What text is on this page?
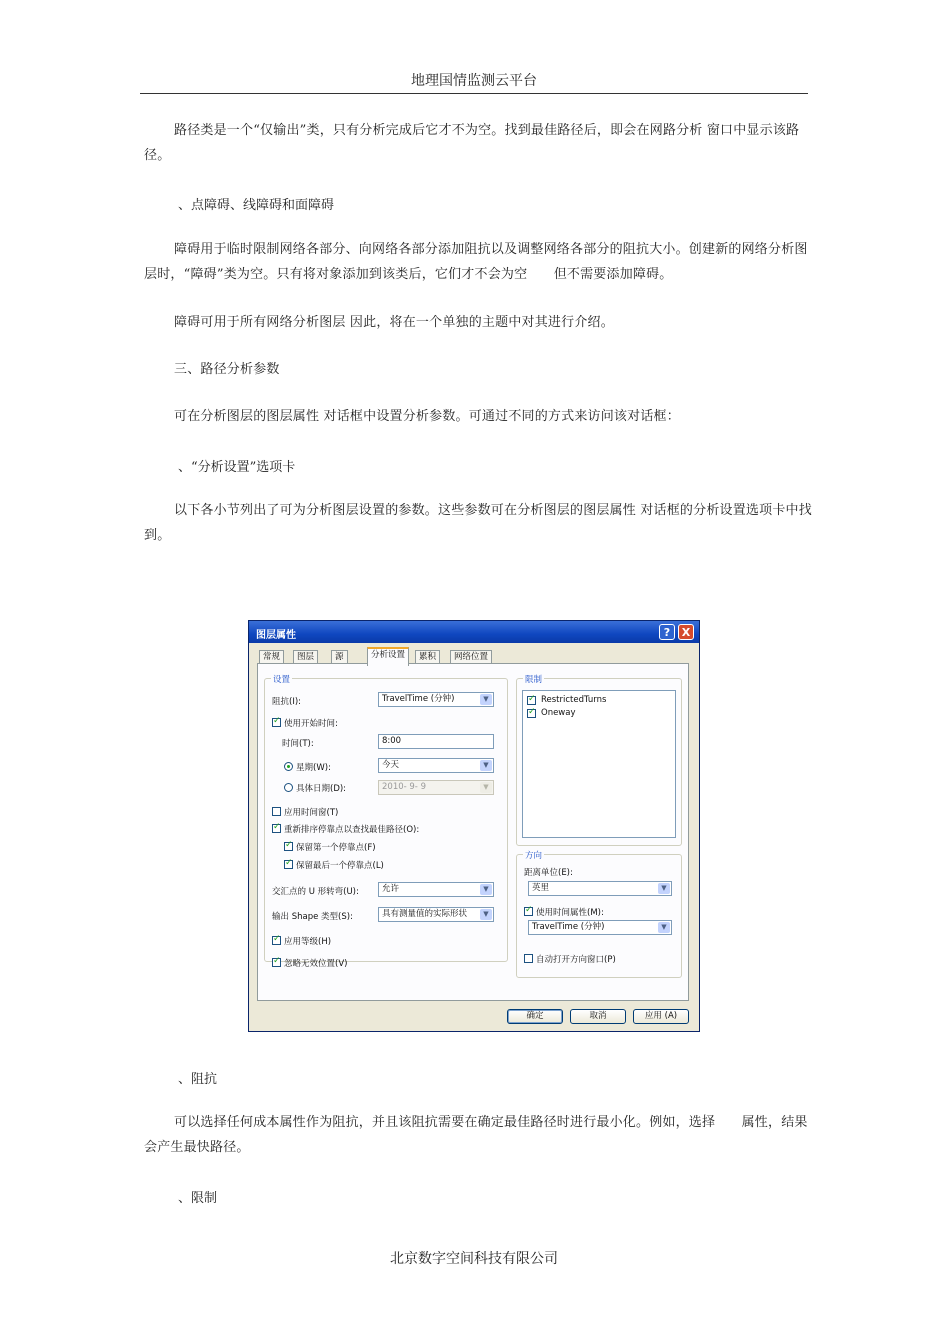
地理国情监测云平台

路径类是一个“仅输出”类，只有分析完成后它才不为空。找到最佳路径后，即会在网路分析 窗口中显示该路径。

、点障碍、线障碍和面障碍

障碍用于临时限制网络各部分、向网络各部分添加阻抗以及调整网络各部分的阻抗大小。创建新的网络分析图层时，“障碍”类为空。只有将对象添加到该类后，它们才不会为空　　但不需要添加障碍。

障碍可用于所有网络分析图层 因此，将在一个单独的主题中对其进行介绍。

三、路径分析参数

可在分析图层的图层属性 对话框中设置分析参数。可通过不同的方式来访问该对话框：

、“分析设置”选项卡

以下各小节列出了可为分析图层设置的参数。这些参数可在分析图层的图层属性 对话框的分析设置选项卡中找到。

图层属性	?	X
常规	图层	源	分析设置	累积	网络位置
设置
阻抗(I):	TravelTime (分钟)	▼
✓
使用开始时间:
时间(T):	8:00
星期(W):	今天	▼
具体日期(D):	2010- 9- 9	▼
应用时间窗(T)
✓
重新排序停靠点以查找最佳路径(O):
✓
保留第一个停靠点(F)
✓
保留最后一个停靠点(L)
交汇点的 U 形转弯(U):	允许	▼
输出 Shape 类型(S):	具有测量值的实际形状	▼
✓
应用等级(H)
✓
忽略无效位置(V)
限制
✓
RestrictedTurns
✓
Oneway
方向
距离单位(E):
英里	▼
✓
使用时间属性(M):
TravelTime (分钟)	▼
自动打开方向窗口(P)
确定	取消	应用 (A)

、阻抗

可以选择任何成本属性作为阻抗，并且该阻抗需要在确定最佳路径时进行最小化。例如，选择　　属性，结果会产生最快路径。

、限制

北京数字空间科技有限公司
